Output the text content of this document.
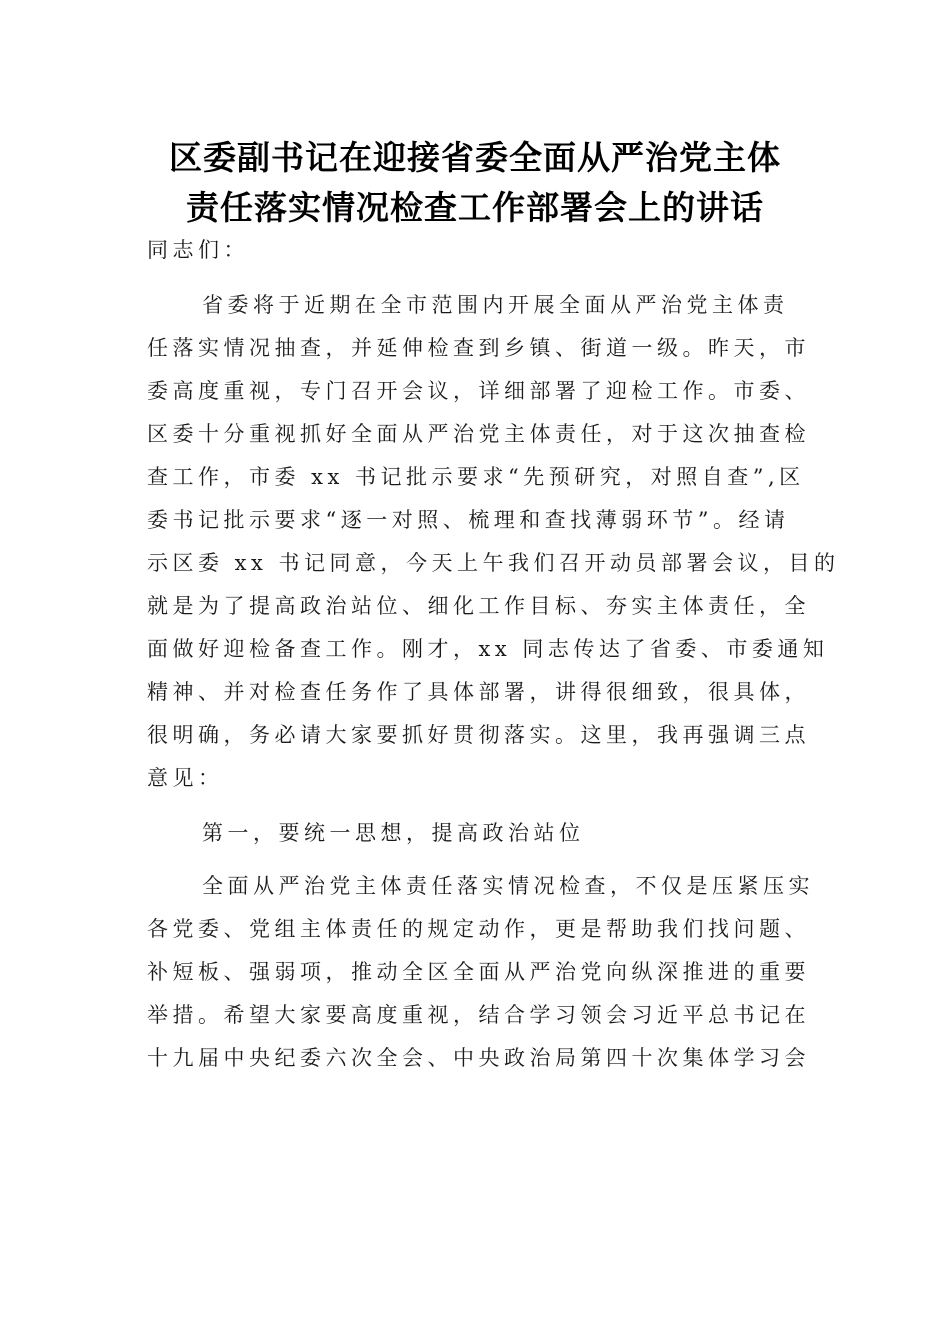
区委副书记在迎接省委全面从严治党主体
责任落实情况检查工作部署会上的讲话

同志们：

省委将于近期在全市范围内开展全面从严治党主体责
任落实情况抽查，并延伸检查到乡镇、街道一级。昨天，市
委高度重视，专门召开会议，详细部署了迎检工作。市委、
区委十分重视抓好全面从严治党主体责任，对于这次抽查检
查工作，市委 xx 书记批示要求“先预研究，对照自查”,区
委书记批示要求“逐一对照、梳理和查找薄弱环节”。经请
示区委 xx 书记同意，今天上午我们召开动员部署会议，目的
就是为了提高政治站位、细化工作目标、夯实主体责任，全
面做好迎检备查工作。刚才，xx 同志传达了省委、市委通知
精神、并对检查任务作了具体部署，讲得很细致，很具体，
很明确，务必请大家要抓好贯彻落实。这里，我再强调三点
意见：

第一，要统一思想，提高政治站位

全面从严治党主体责任落实情况检查，不仅是压紧压实
各党委、党组主体责任的规定动作，更是帮助我们找问题、
补短板、强弱项，推动全区全面从严治党向纵深推进的重要
举措。希望大家要高度重视，结合学习领会习近平总书记在
十九届中央纪委六次全会、中央政治局第四十次集体学习会
